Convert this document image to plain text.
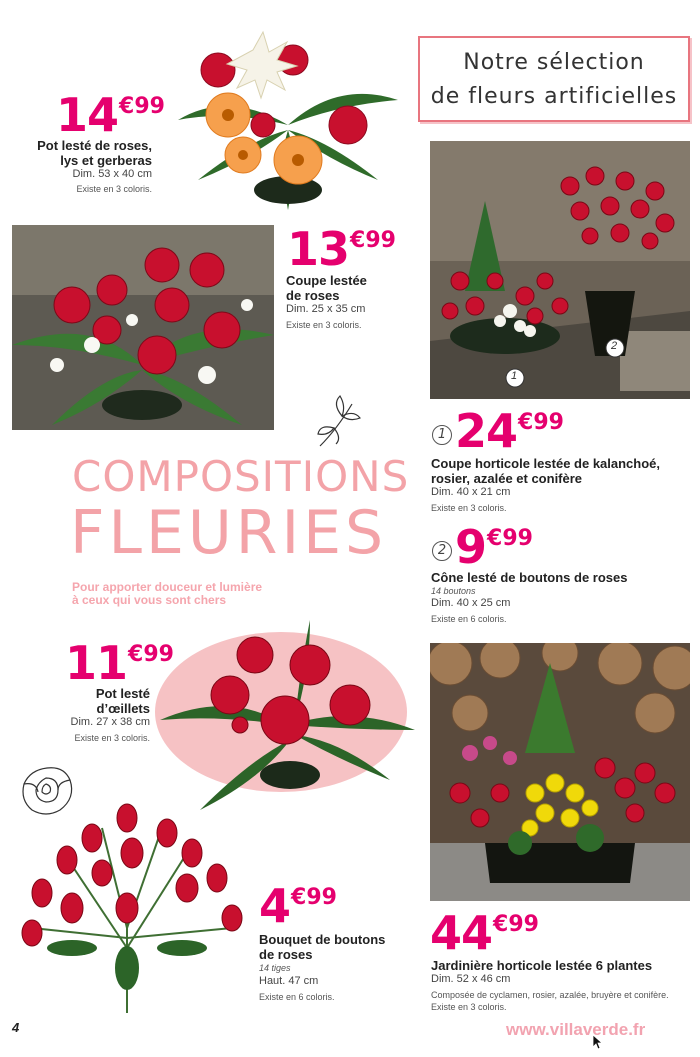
14€99
Pot lesté de roses,
lys et gerberas
Dim. 53 x 40 cm
Existe en 3 coloris.
13€99
Coupe lestée
de roses
Dim. 25 x 35 cm
Existe en 3 coloris.
Notre sélection
de fleurs artificielles
1
2
1 24€99
Coupe horticole lestée de kalanchoé,
rosier, azalée et conifère
Dim. 40 x 21 cm
Existe en 3 coloris.
2 9€99
Cône lesté de boutons de roses
14 boutons
Dim. 40 x 25 cm
Existe en 6 coloris.
COMPOSITIONS
FLEURIES
Pour apporter douceur et lumière
à ceux qui vous sont chers
11€99
Pot lesté
d’œillets
Dim. 27 x 38 cm
Existe en 3 coloris.
4€99
Bouquet de boutons
de roses
14 tiges
Haut. 47 cm
Existe en 6 coloris.
44€99
Jardinière horticole lestée 6 plantes
Dim. 52 x 46 cm
Composée de cyclamen, rosier, azalée, bruyère et conifère.
Existe en 3 coloris.
4	www.villaverde.fr
